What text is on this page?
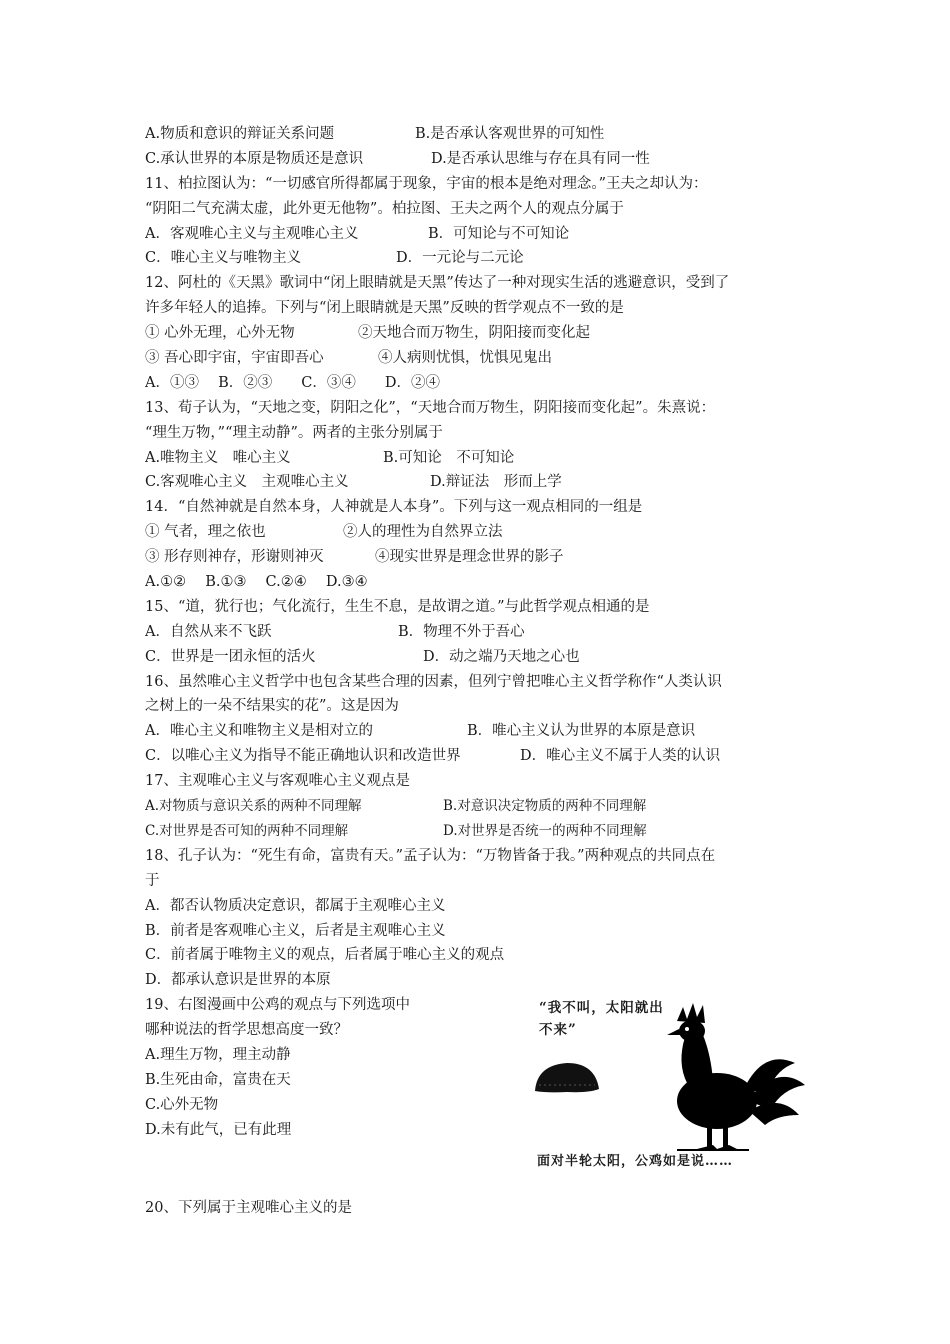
A.物质和意识的辩证关系问题	B.是否承认客观世界的可知性
C.承认世界的本原是物质还是意识	D.是否承认思维与存在具有同一性
11、柏拉图认为：“一切感官所得都属于现象，宇宙的根本是绝对理念。”王夫之却认为：
“阴阳二气充满太虚，此外更无他物”。柏拉图、王夫之两个人的观点分属于
A．客观唯心主义与主观唯心主义	B．可知论与不可知论
C．唯心主义与唯物主义	D．一元论与二元论
12、阿杜的《天黑》歌词中“闭上眼睛就是天黑”传达了一种对现实生活的逃避意识，受到了
许多年轻人的追捧。下列与“闭上眼睛就是天黑”反映的哲学观点不一致的是
① 心外无理，心外无物	②天地合而万物生，阴阳接而变化起
③ 吾心即宇宙，宇宙即吾心	④人病则忧惧，忧惧见鬼出
A．①③　 B．②③　　C．③④　　D．②④
13、荀子认为，“天地之变，阴阳之化”，“天地合而万物生，阴阳接而变化起”。朱熹说：
“理生万物，”“理主动静”。两者的主张分别属于
A.唯物主义　唯心主义	B.可知论　不可知论
C.客观唯心主义　主观唯心主义	D.辩证法　形而上学
14．“自然神就是自然本身，人神就是人本身”。下列与这一观点相同的一组是
① 气者，理之依也	②人的理性为自然界立法
③ 形存则神存，形谢则神灭	④现实世界是理念世界的影子
A.①②　 B.①③　 C.②④　 D.③④
15、“道，犹行也；气化流行，生生不息，是故谓之道。”与此哲学观点相通的是
A．自然从来不飞跃	B．物理不外于吾心
C．世界是一团永恒的活火	D．动之端乃天地之心也
16、虽然唯心主义哲学中也包含某些合理的因素，但列宁曾把唯心主义哲学称作“人类认识
之树上的一朵不结果实的花”。这是因为
A．唯心主义和唯物主义是相对立的	B．唯心主义认为世界的本原是意识
C．以唯心主义为指导不能正确地认识和改造世界	D．唯心主义不属于人类的认识
17、主观唯心主义与客观唯心主义观点是
A.对物质与意识关系的两种不同理解	B.对意识决定物质的两种不同理解
C.对世界是否可知的两种不同理解	D.对世界是否统一的两种不同理解
18、孔子认为：“死生有命，富贵有天。”孟子认为：“万物皆备于我。”两种观点的共同点在
于
A．都否认物质决定意识，都属于主观唯心主义
B．前者是客观唯心主义，后者是主观唯心主义
C．前者属于唯物主义的观点，后者属于唯心主义的观点
D．都承认意识是世界的本原
19、右图漫画中公鸡的观点与下列选项中
哪种说法的哲学思想高度一致？
A.理生万物，理主动静
B.生死由命，富贵在天
C.心外无物
D.未有此气，已有此理
“我不叫，太阳就出不来”
面对半轮太阳，公鸡如是说……
20、下列属于主观唯心主义的是
